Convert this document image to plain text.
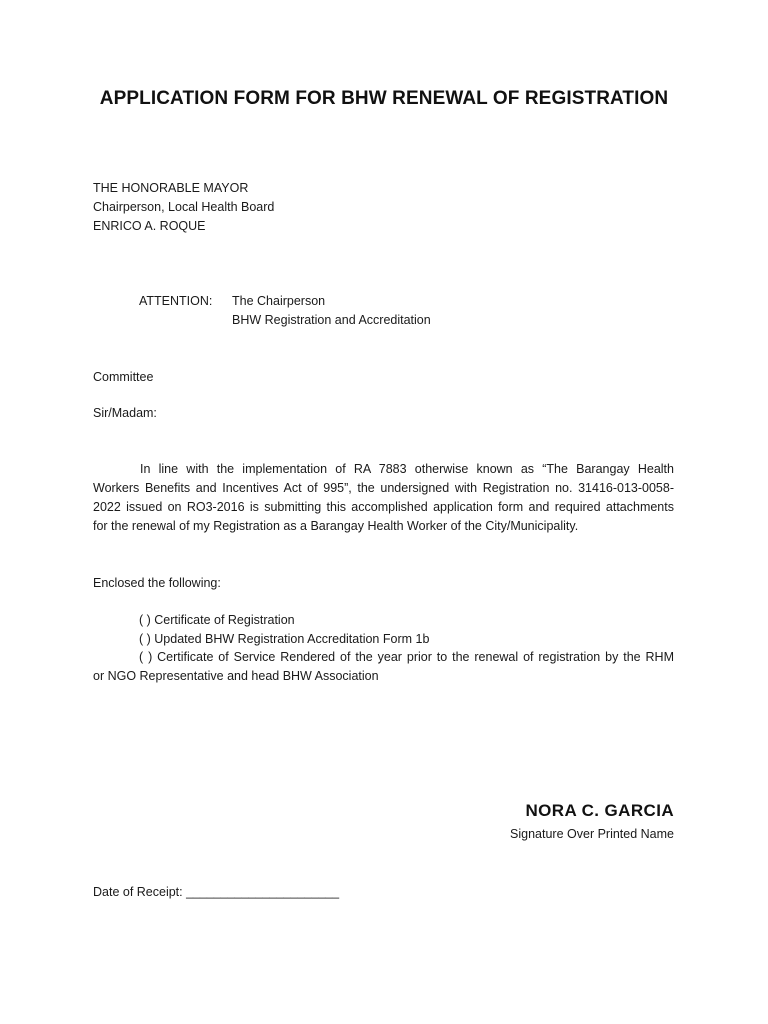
APPLICATION FORM FOR BHW RENEWAL OF REGISTRATION
THE HONORABLE MAYOR
Chairperson, Local Health Board
ENRICO A. ROQUE
ATTENTION: The Chairperson
BHW Registration and Accreditation
Committee
Sir/Madam:
In line with the implementation of RA 7883 otherwise known as “The Barangay Health
Workers Benefits and Incentives Act of 995”, the undersigned with Registration no. 31416-013-0058-
2022 issued on RO3-2016 is submitting this accomplished application form and required attachments
for the renewal of my Registration as a Barangay Health Worker of the City/Municipality.
Enclosed the following:
( ) Certificate of Registration
( ) Updated BHW Registration Accreditation Form 1b
( ) Certificate of Service Rendered of the year prior to the renewal of registration by the RHM
or NGO Representative and head BHW Association
NORA C. GARCIA
Signature Over Printed Name
Date of Receipt: ______________________
